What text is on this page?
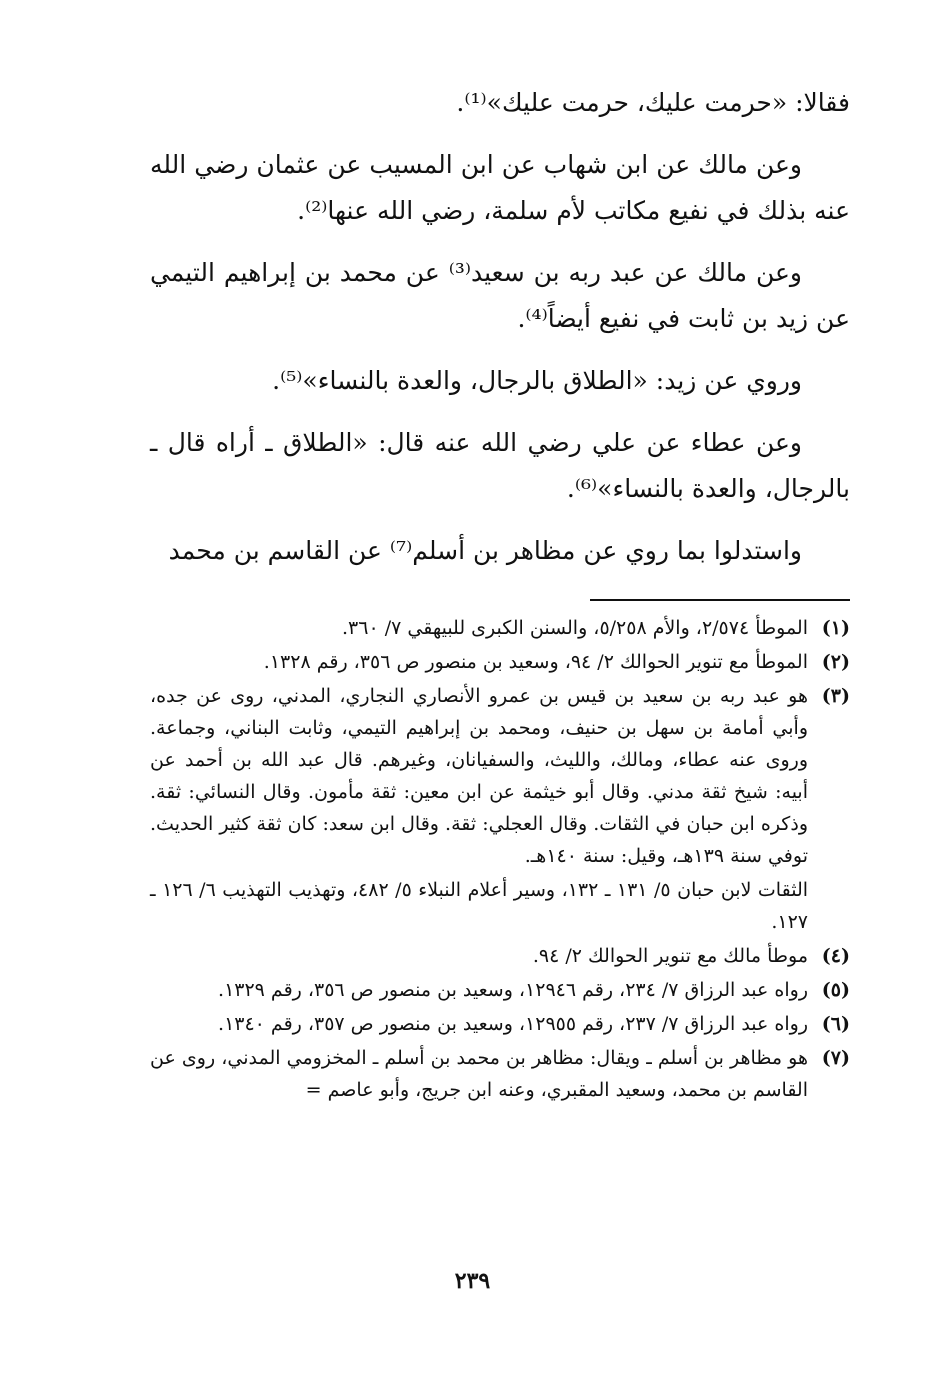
فقالا: «حرمت عليك، حرمت عليك»⁽¹⁾.

وعن مالك عن ابن شهاب عن ابن المسيب عن عثمان رضي الله عنه بذلك في نفيع مكاتب لأم سلمة، رضي الله عنها⁽²⁾.

وعن مالك عن عبد ربه بن سعيد⁽³⁾ عن محمد بن إبراهيم التيمي عن زيد بن ثابت في نفيع أيضاً⁽⁴⁾.

وروي عن زيد: «الطلاق بالرجال، والعدة بالنساء»⁽⁵⁾.

وعن عطاء عن علي رضي الله عنه قال: «الطلاق ـ أراه قال ـ بالرجال، والعدة بالنساء»⁽⁶⁾.

واستدلوا بما روي عن مظاهر بن أسلم⁽⁷⁾ عن القاسم بن محمد

(١)
الموطأ ٢/٥٧٤، والأم ٥/٢٥٨، والسنن الكبرى للبيهقي ٧/ ٣٦٠.
(٢)
الموطأ مع تنوير الحوالك ٢/ ٩٤، وسعيد بن منصور ص ٣٥٦، رقم ١٣٢٨.
(٣)
هو عبد ربه بن سعيد بن قيس بن عمرو الأنصاري النجاري، المدني، روى عن جده، وأبي أمامة بن سهل بن حنيف، ومحمد بن إبراهيم التيمي، وثابت البناني، وجماعة. وروى عنه عطاء، ومالك، والليث، والسفيانان، وغيرهم. قال عبد الله بن أحمد عن أبيه: شيخ ثقة مدني. وقال أبو خيثمة عن ابن معين: ثقة مأمون. وقال النسائي: ثقة. وذكره ابن حبان في الثقات. وقال العجلي: ثقة. وقال ابن سعد: كان ثقة كثير الحديث. توفي سنة ١٣٩هـ، وقيل: سنة ١٤٠هـ.
الثقات لابن حبان ٥/ ١٣١ ـ ١٣٢، وسير أعلام النبلاء ٥/ ٤٨٢، وتهذيب التهذيب ٦/ ١٢٦ ـ ١٢٧.
(٤)
موطأ مالك مع تنوير الحوالك ٢/ ٩٤.
(٥)
رواه عبد الرزاق ٧/ ٢٣٤، رقم ١٢٩٤٦، وسعيد بن منصور ص ٣٥٦، رقم ١٣٢٩.
(٦)
رواه عبد الرزاق ٧/ ٢٣٧، رقم ١٢٩٥٥، وسعيد بن منصور ص ٣٥٧، رقم ١٣٤٠.
(٧)
هو مظاهر بن أسلم ـ ويقال: مظاهر بن محمد بن أسلم ـ المخزومي المدني، روى عن القاسم بن محمد، وسعيد المقبري، وعنه ابن جريج، وأبو عاصم =
٢٣٩
